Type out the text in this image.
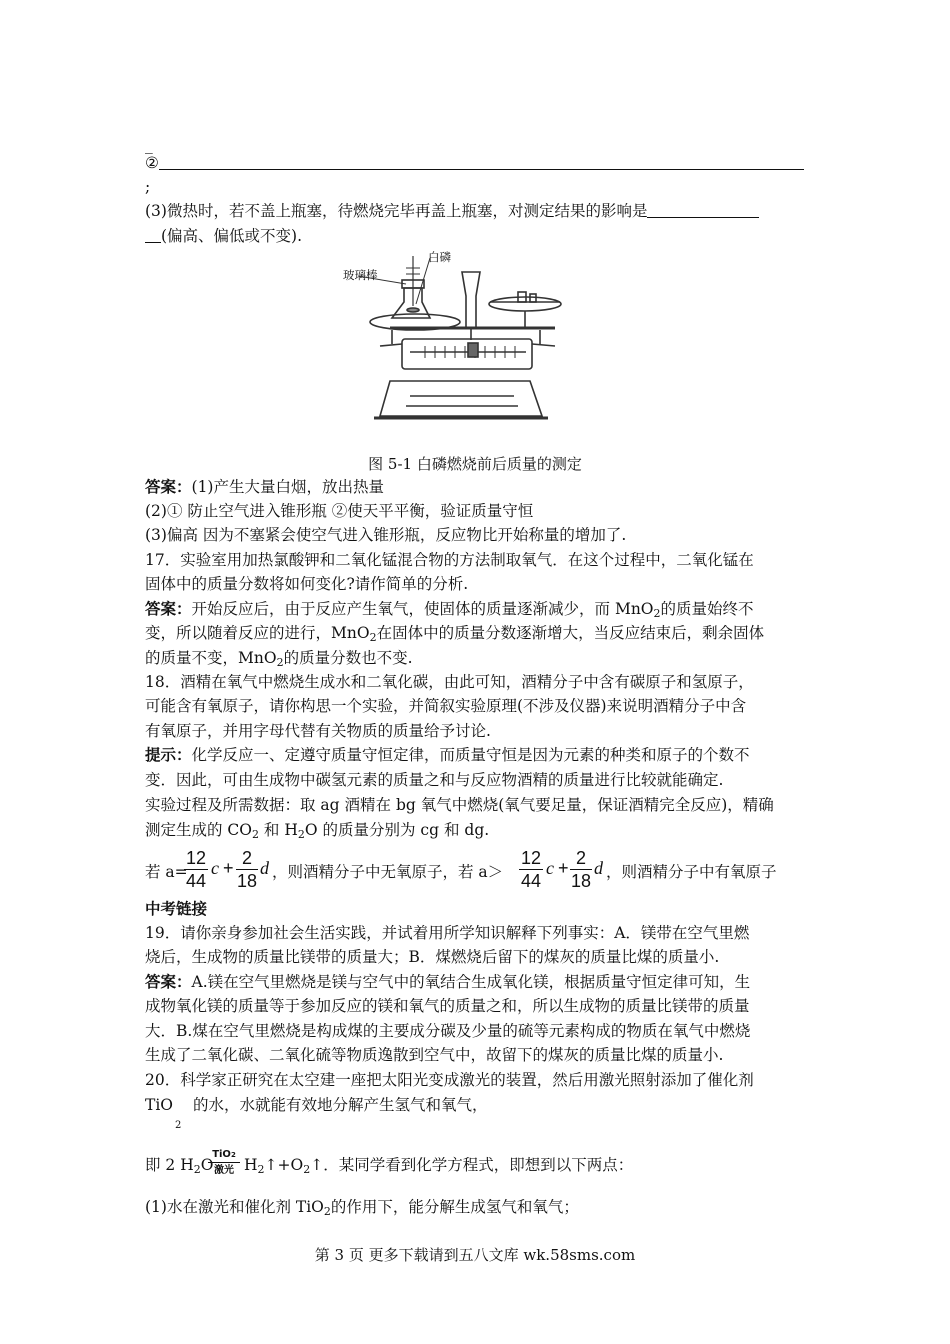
_
②
;
(3)微热时，若不盖上瓶塞，待燃烧完毕再盖上瓶塞，对测定结果的影响是
(偏高、偏低或不变).
玻璃棒
白磷
图 5-1 白磷燃烧前后质量的测定
答案：(1)产生大量白烟，放出热量
(2)① 防止空气进入锥形瓶 ②使天平平衡，验证质量守恒
(3)偏高 因为不塞紧会使空气进入锥形瓶，反应物比开始称量的增加了.
17．实验室用加热氯酸钾和二氧化锰混合物的方法制取氧气．在这个过程中，二氧化锰在
固体中的质量分数将如何变化?请作简单的分析.
答案：开始反应后，由于反应产生氧气，使固体的质量逐渐减少，而 MnO$_2$的质量始终不
变，所以随着反应的进行，MnO$_2$在固体中的质量分数逐渐增大，当反应结束后，剩余固体
的质量不变，MnO$_2$的质量分数也不变.
18．酒精在氧气中燃烧生成水和二氧化碳，由此可知，酒精分子中含有碳原子和氢原子，
可能含有氧原子，请你构思一个实验，并简叙实验原理(不涉及仪器)来说明酒精分子中含
有氧原子，并用字母代替有关物质的质量给予讨论.
提示：化学反应一、定遵守质量守恒定律，而质量守恒是因为元素的种类和原子的个数不
变．因此，可由生成物中碳氢元素的质量之和与反应物酒精的质量进行比较就能确定.
实验过程及所需数据：取 ag 酒精在 bg 氧气中燃烧(氧气要足量，保证酒精完全反应)，精确
测定生成的 $CO_2$ 和 $H_2O$ 的质量分别为 cg 和 dg.
若 a=
$\frac{12}{44}$ $c + \frac{2}{18}$ d ，则酒精分子中无氧原子，若 $a> \frac{12}{44}$ $c + \frac{2}{18}$ d ，则酒精分子中有氧原子
中考链接
19．请你亲身参加社会生活实践，并试着用所学知识解释下列事实：A．镁带在空气里燃
烧后，生成物的质量比镁带的质量大；B．煤燃烧后留下的煤灰的质量比煤的质量小.
答案：A.镁在空气里燃烧是镁与空气中的氧结合生成氧化镁，根据质量守恒定律可知，生
成物氧化镁的质量等于参加反应的镁和氧气的质量之和，所以生成物的质量比镁带的质量
大．B.煤在空气里燃烧是构成煤的主要成分碳及少量的硫等元素构成的物质在氧气中燃烧
生成了二氧化碳、二氧化硫等物质逸散到空气中，故留下的煤灰的质量比煤的质量小.
20．科学家正研究在太空建一座把太阳光变成激光的装置，然后用激光照射添加了催化剂
TiO 的水，水就能有效地分解产生氢气和氧气，
2
即 2 $H_2O$
TiO2
激光 $H_2↑+O_2↑$．某同学看到化学方程式，即想到以下两点：
(1)水在激光和催化剂 TiO$_2$的作用下，能分解生成氢气和氧气；
第 3 页 更多下载请到五八文库 wk.58sms.com
